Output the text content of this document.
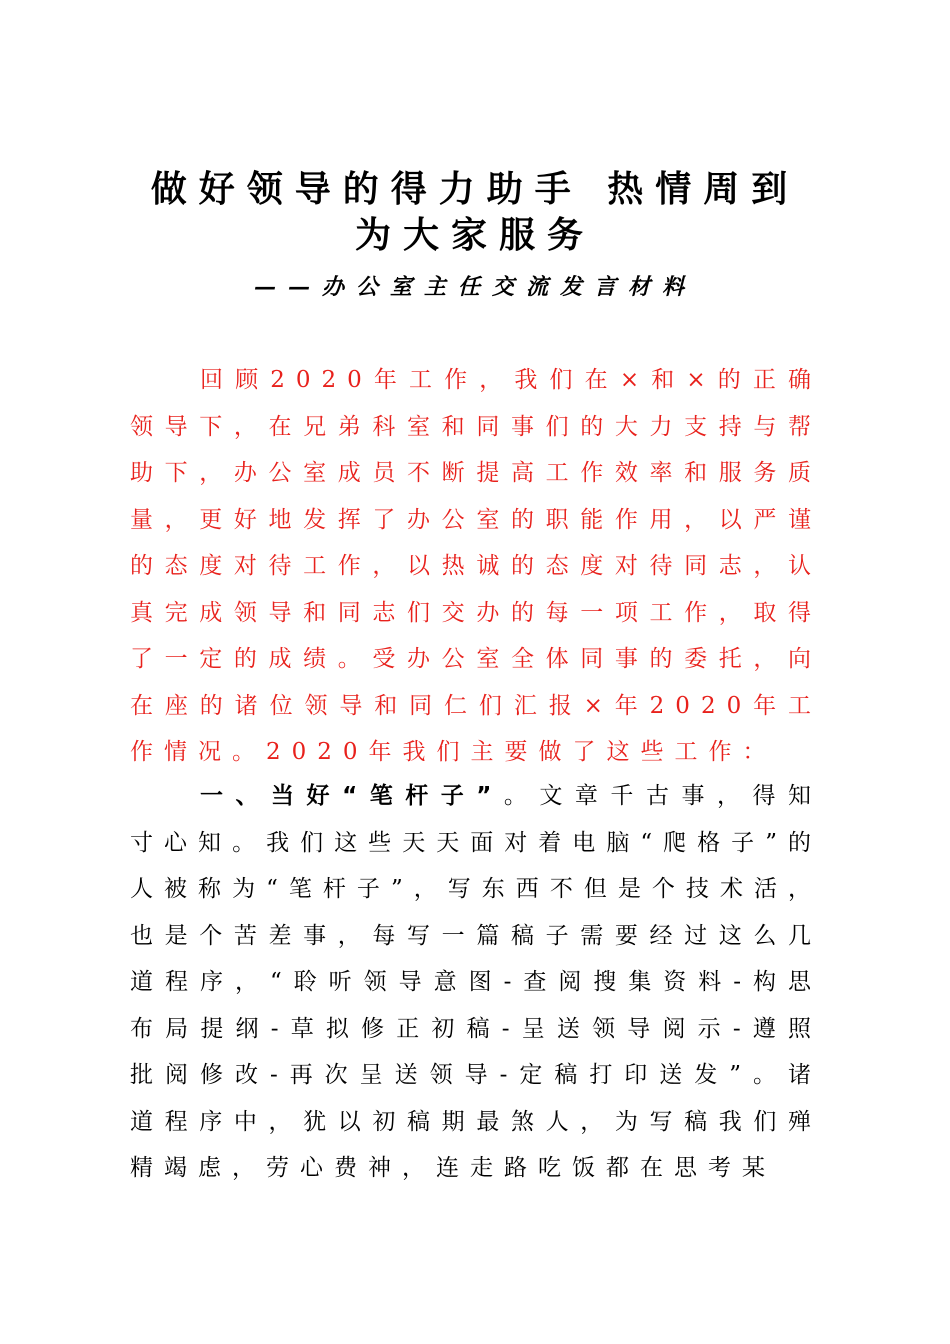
做好领导的得力助手 热情周到
为大家服务
——办公室主任交流发言材料

回顾2020年工作，我们在×和×的正确领导下，在兄弟科室和同事们的大力支持与帮助下，办公室成员不断提高工作效率和服务质量，更好地发挥了办公室的职能作用，以严谨的态度对待工作，以热诚的态度对待同志，认真完成领导和同志们交办的每一项工作，取得了一定的成绩。受办公室全体同事的委托，向在座的诸位领导和同仁们汇报×年2020年工作情况。2020年我们主要做了这些工作：

一、当好“笔杆子”。文章千古事，得知寸心知。我们这些天天面对着电脑“爬格子”的人被称为“笔杆子”，写东西不但是个技术活，也是个苦差事，每写一篇稿子需要经过这么几道程序，“聆听领导意图-查阅搜集资料-构思布局提纲-草拟修正初稿-呈送领导阅示-遵照批阅修改-再次呈送领导-定稿打印送发”。诸道程序中，犹以初稿期最煞人，为写稿我们殚精竭虑，劳心费神，连走路吃饭都在思考某
